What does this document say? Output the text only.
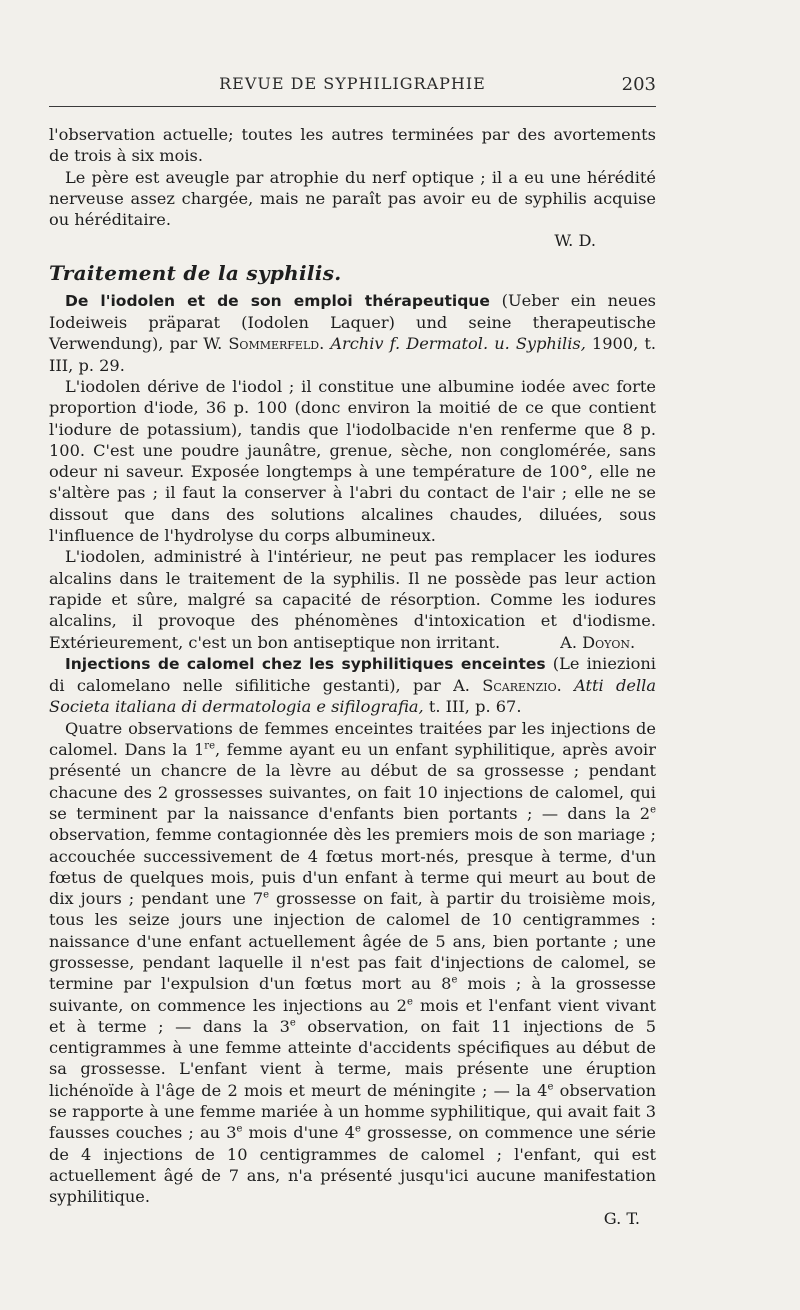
REVUE DE SYPHILIGRAPHIE	203

l'observation actuelle; toutes les autres terminées par des avortements de trois à six mois.

Le père est aveugle par atrophie du nerf optique ; il a eu une hérédité nerveuse assez chargée, mais ne paraît pas avoir eu de syphilis acquise ou héréditaire.

W. D.

Traitement de la syphilis.

De l'iodolen et de son emploi thérapeutique (Ueber ein neues Iodeiweis präparat (Iodolen Laquer) und seine therapeutische Verwendung), par W. Sommerfeld. Archiv f. Dermatol. u. Syphilis, 1900, t. III, p. 29.

L'iodolen dérive de l'iodol ; il constitue une albumine iodée avec forte proportion d'iode, 36 p. 100 (donc environ la moitié de ce que contient l'iodure de potassium), tandis que l'iodolbacide n'en renferme que 8 p. 100. C'est une poudre jaunâtre, grenue, sèche, non conglomérée, sans odeur ni saveur. Exposée longtemps à une température de 100°, elle ne s'altère pas ; il faut la conserver à l'abri du contact de l'air ; elle ne se dissout que dans des solutions alcalines chaudes, diluées, sous l'influence de l'hydrolyse du corps albumineux.

L'iodolen, administré à l'intérieur, ne peut pas remplacer les iodures alcalins dans le traitement de la syphilis. Il ne possède pas leur action rapide et sûre, malgré sa capacité de résorption. Comme les iodures alcalins, il provoque des phénomènes d'intoxication et d'iodisme. Extérieurement, c'est un bon antiseptique non irritant.	A. Doyon.

Injections de calomel chez les syphilitiques enceintes (Le iniezioni di calomelano nelle sifilitiche gestanti), par A. Scarenzio. Atti della Societa italiana di dermatologia e sifilografia, t. III, p. 67.

Quatre observations de femmes enceintes traitées par les injections de calomel. Dans la 1re, femme ayant eu un enfant syphilitique, après avoir présenté un chancre de la lèvre au début de sa grossesse ; pendant chacune des 2 grossesses suivantes, on fait 10 injections de calomel, qui se terminent par la naissance d'enfants bien portants ; — dans la 2e observation, femme contagionnée dès les premiers mois de son mariage ; accouchée successivement de 4 fœtus mort-nés, presque à terme, d'un fœtus de quelques mois, puis d'un enfant à terme qui meurt au bout de dix jours ; pendant une 7e grossesse on fait, à partir du troisième mois, tous les seize jours une injection de calomel de 10 centigrammes : naissance d'une enfant actuellement âgée de 5 ans, bien portante ; une grossesse, pendant laquelle il n'est pas fait d'injections de calomel, se termine par l'expulsion d'un fœtus mort au 8e mois ; à la grossesse suivante, on commence les injections au 2e mois et l'enfant vient vivant et à terme ; — dans la 3e observation, on fait 11 injections de 5 centigrammes à une femme atteinte d'accidents spécifiques au début de sa grossesse. L'enfant vient à terme, mais présente une éruption lichénoïde à l'âge de 2 mois et meurt de méningite ; — la 4e observation se rapporte à une femme mariée à un homme syphilitique, qui avait fait 3 fausses couches ; au 3e mois d'une 4e grossesse, on commence une série de 4 injections de 10 centigrammes de calomel ; l'enfant, qui est actuellement âgé de 7 ans, n'a présenté jusqu'ici aucune manifestation syphilitique.

G. T.
